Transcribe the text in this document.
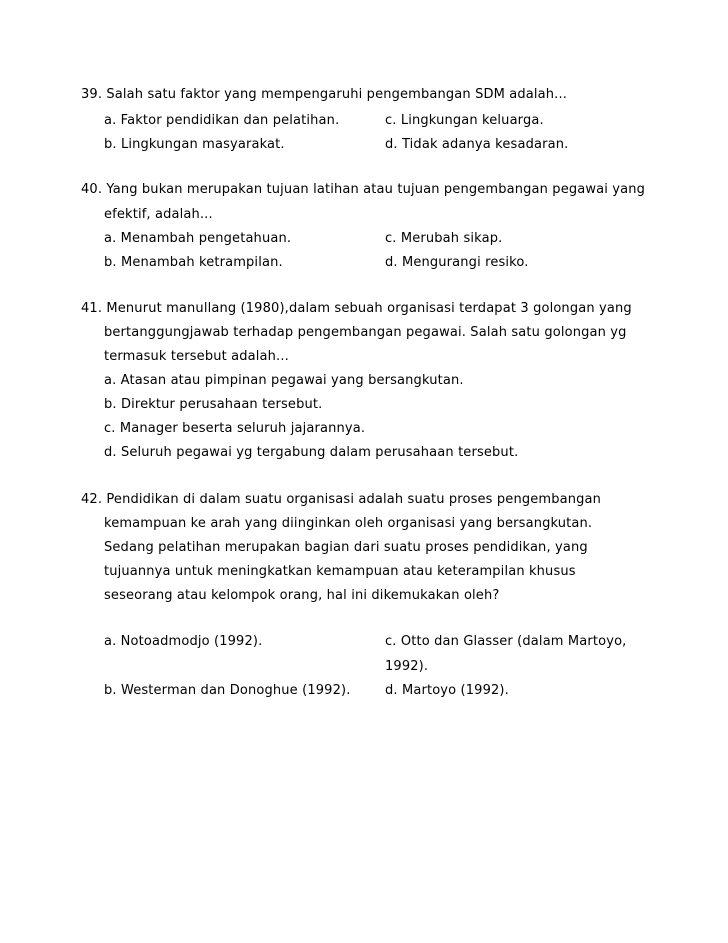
39. Salah satu faktor yang mempengaruhi pengembangan SDM adalah...
a. Faktor pendidikan dan pelatihan.	c. Lingkungan keluarga.
b. Lingkungan masyarakat.	d. Tidak adanya kesadaran.
40. Yang bukan merupakan tujuan latihan atau tujuan pengembangan pegawai yang
efektif, adalah...
a. Menambah pengetahuan.	c. Merubah sikap.
b. Menambah ketrampilan.	d. Mengurangi resiko.
41. Menurut manullang (1980),dalam sebuah organisasi terdapat 3 golongan yang
bertanggungjawab terhadap pengembangan pegawai. Salah satu golongan yg
termasuk tersebut adalah...
a. Atasan atau pimpinan pegawai yang bersangkutan.
b. Direktur perusahaan tersebut.
c. Manager beserta seluruh jajarannya.
d. Seluruh pegawai yg tergabung dalam perusahaan tersebut.
42. Pendidikan di dalam suatu organisasi adalah suatu proses pengembangan
kemampuan ke arah yang diinginkan oleh organisasi yang bersangkutan.
Sedang pelatihan merupakan bagian dari suatu proses pendidikan, yang
tujuannya untuk meningkatkan kemampuan atau keterampilan khusus
seseorang atau kelompok orang, hal ini dikemukakan oleh?
a. Notoadmodjo (1992).	c. Otto dan Glasser (dalam Martoyo,
1992).
b. Westerman dan Donoghue (1992).	d. Martoyo (1992).
